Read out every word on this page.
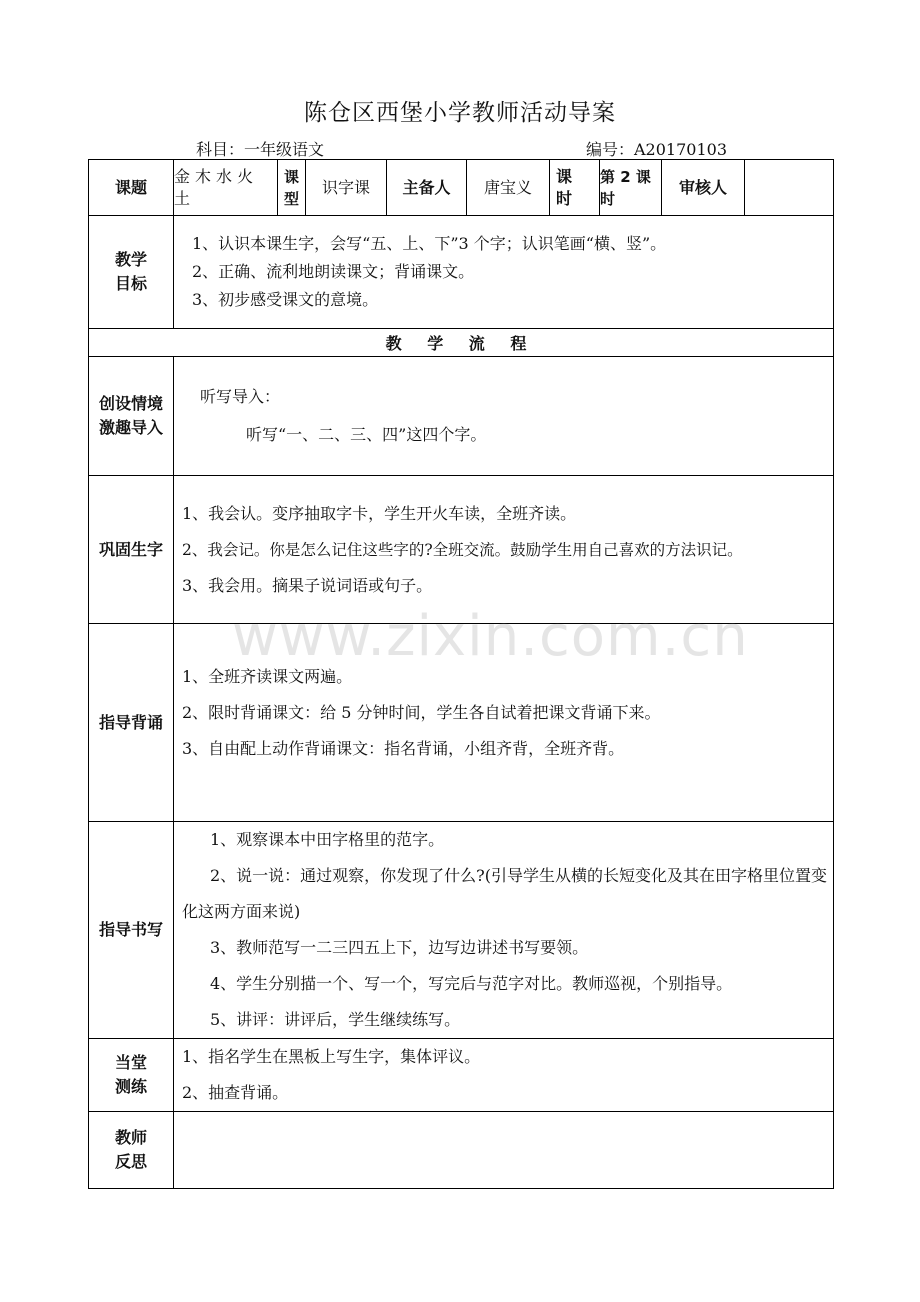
陈仓区西堡小学教师活动导案
科目：一年级语文	编号：A20170103
课题	金木水火土	课型	识字课	主备人	唐宝义	课时	第 2 课时	审核人	
教学目标	1、认识本课生字，会写“五、上、下”3 个字；认识笔画“横、竖”。

2、正确、流利地朗读课文；背诵课文。

3、初步感受课文的意境。								

教 学 流 程									
创设情境激趣导入	听写导入：

听写“一、二、三、四”这四个字。								

巩固生字	1、我会认。变序抽取字卡，学生开火车读，全班齐读。

2、我会记。你是怎么记住这些字的?全班交流。鼓励学生用自己喜欢的方法识记。

3、我会用。摘果子说词语或句子。								

指导背诵	1、全班齐读课文两遍。

2、限时背诵课文：给 5 分钟时间，学生各自试着把课文背诵下来。

3、自由配上动作背诵课文：指名背诵，小组齐背，全班齐背。								

指导书写	1、观察课本中田字格里的范字。

2、说一说：通过观察，你发现了什么?(引导学生从横的长短变化及其在田字格里位置变化这两方面来说)

3、教师范写一二三四五上下，边写边讲述书写要领。

4、学生分别描一个、写一个，写完后与范字对比。教师巡视，个别指导。

5、讲评：讲评后，学生继续练写。								

当堂测练	1、指名学生在黑板上写生字，集体评议。

2、抽查背诵。								

教师反思									
www.zixin.com.cn
